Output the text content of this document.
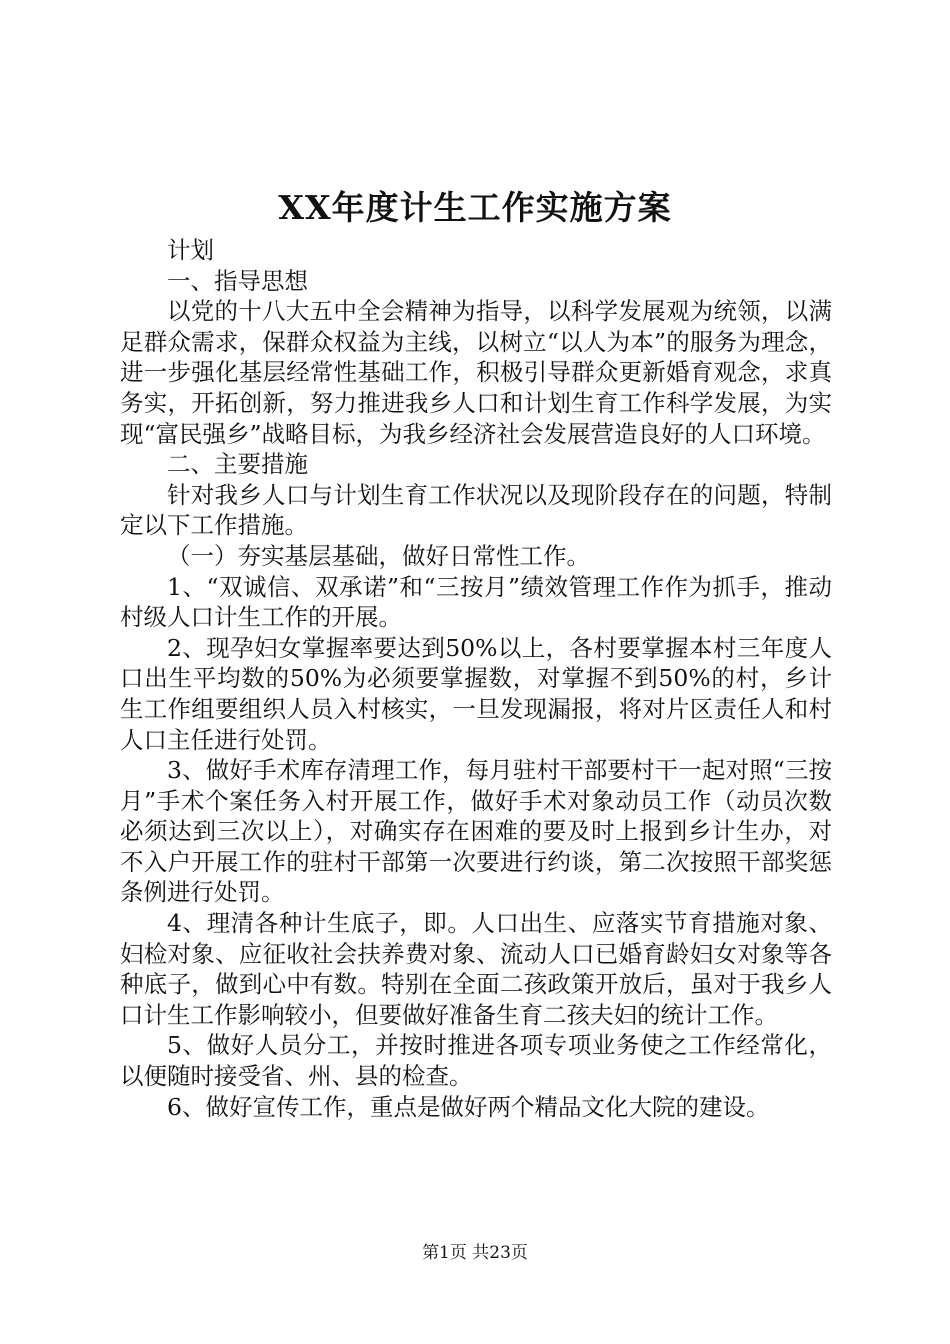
XX年度计生工作实施方案

计划

一、指导思想

以党的十八大五中全会精神为指导，以科学发展观为统领，以满足群众需求，保群众权益为主线，以树立“以人为本”的服务为理念，进一步强化基层经常性基础工作，积极引导群众更新婚育观念，求真务实，开拓创新，努力推进我乡人口和计划生育工作科学发展，为实现“富民强乡”战略目标，为我乡经济社会发展营造良好的人口环境。

二、主要措施

针对我乡人口与计划生育工作状况以及现阶段存在的问题，特制定以下工作措施。

（一）夯实基层基础，做好日常性工作。

1、“双诚信、双承诺”和“三按月”绩效管理工作作为抓手，推动村级人口计生工作的开展。

2、现孕妇女掌握率要达到50%以上，各村要掌握本村三年度人口出生平均数的50%为必须要掌握数，对掌握不到50%的村，乡计生工作组要组织人员入村核实，一旦发现漏报，将对片区责任人和村人口主任进行处罚。

3、做好手术库存清理工作，每月驻村干部要村干一起对照“三按月”手术个案任务入村开展工作，做好手术对象动员工作（动员次数必须达到三次以上），对确实存在困难的要及时上报到乡计生办，对不入户开展工作的驻村干部第一次要进行约谈，第二次按照干部奖惩条例进行处罚。

4、理清各种计生底子，即。人口出生、应落实节育措施对象、妇检对象、应征收社会扶养费对象、流动人口已婚育龄妇女对象等各种底子，做到心中有数。特别在全面二孩政策开放后，虽对于我乡人口计生工作影响较小，但要做好准备生育二孩夫妇的统计工作。

5、做好人员分工，并按时推进各项专项业务使之工作经常化，以便随时接受省、州、县的检查。

6、做好宣传工作，重点是做好两个精品文化大院的建设。

第1页 共23页
